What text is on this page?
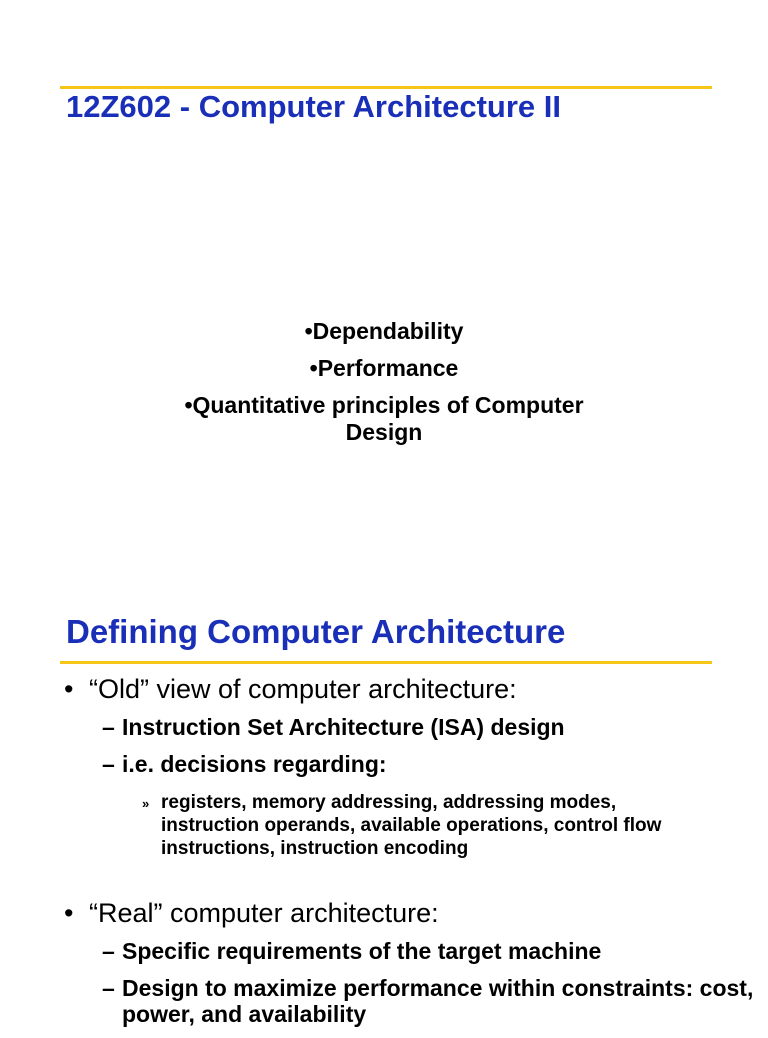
12Z602 - Computer Architecture II
•Dependability
•Performance
•Quantitative principles of Computer
Design
Defining Computer Architecture
• “Old” view of computer architecture:
– Instruction Set Architecture (ISA) design
– i.e. decisions regarding:
» registers, memory addressing, addressing modes, instruction operands, available operations, control flow instructions, instruction encoding
• “Real” computer architecture:
– Specific requirements of the target machine
– Design to maximize performance within constraints: cost, power, and availability
